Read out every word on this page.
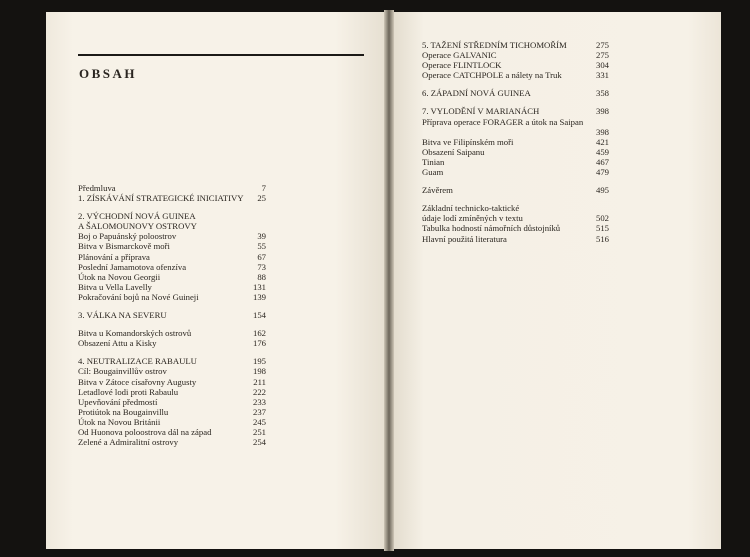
OBSAH
Předmluva	7
1. ZÍSKÁVÁNÍ STRATEGICKÉ INICIATIVY 25
2. VÝCHODNÍ NOVÁ GUINEA
A ŠALOMOUNOVY OSTROVY
Boj o Papuánský poloostrov	39
Bitva v Bismarckově moři	55
Plánování a příprava	67
Poslední Jamamotova ofenzíva	73
Útok na Novou Georgii	88
Bitva u Vella Lavelly	131
Pokračování bojů na Nové Guineji	139
3. VÁLKA NA SEVERU	154
Bitva u Komandorských ostrovů	162
Obsazení Attu a Kisky	176
4. NEUTRALIZACE RABAULU	195
Cíl: Bougainvillův ostrov	198
Bitva v Zátoce císařovny Augusty	211
Letadlové lodi proti Rabaulu	222
Upevňování předmostí	233
Protiútok na Bougainvillu	237
Útok na Novou Británii	245
Od Huonova poloostrova dál na západ	251
Zelené a Admiralitní ostrovy	254
5. TAŽENÍ STŘEDNÍM TICHOMOŘÍM	275
Operace GALVANIC	275
Operace FLINTLOCK	304
Operace CATCHPOLE a nálety na Truk	331
6. ZÁPADNÍ NOVÁ GUINEA	358
7. VYLODĚNÍ V MARIANÁCH	398
Příprava operace FORAGER a útok na Saipan
398
Bitva ve Filipínském moři	421
Obsazení Saipanu	459
Tinian	467
Guam	479
Závěrem	495
Základní technicko-taktické
údaje lodí zmíněných v textu	502
Tabulka hodností námořních důstojníků	515
Hlavní použitá literatura	516
